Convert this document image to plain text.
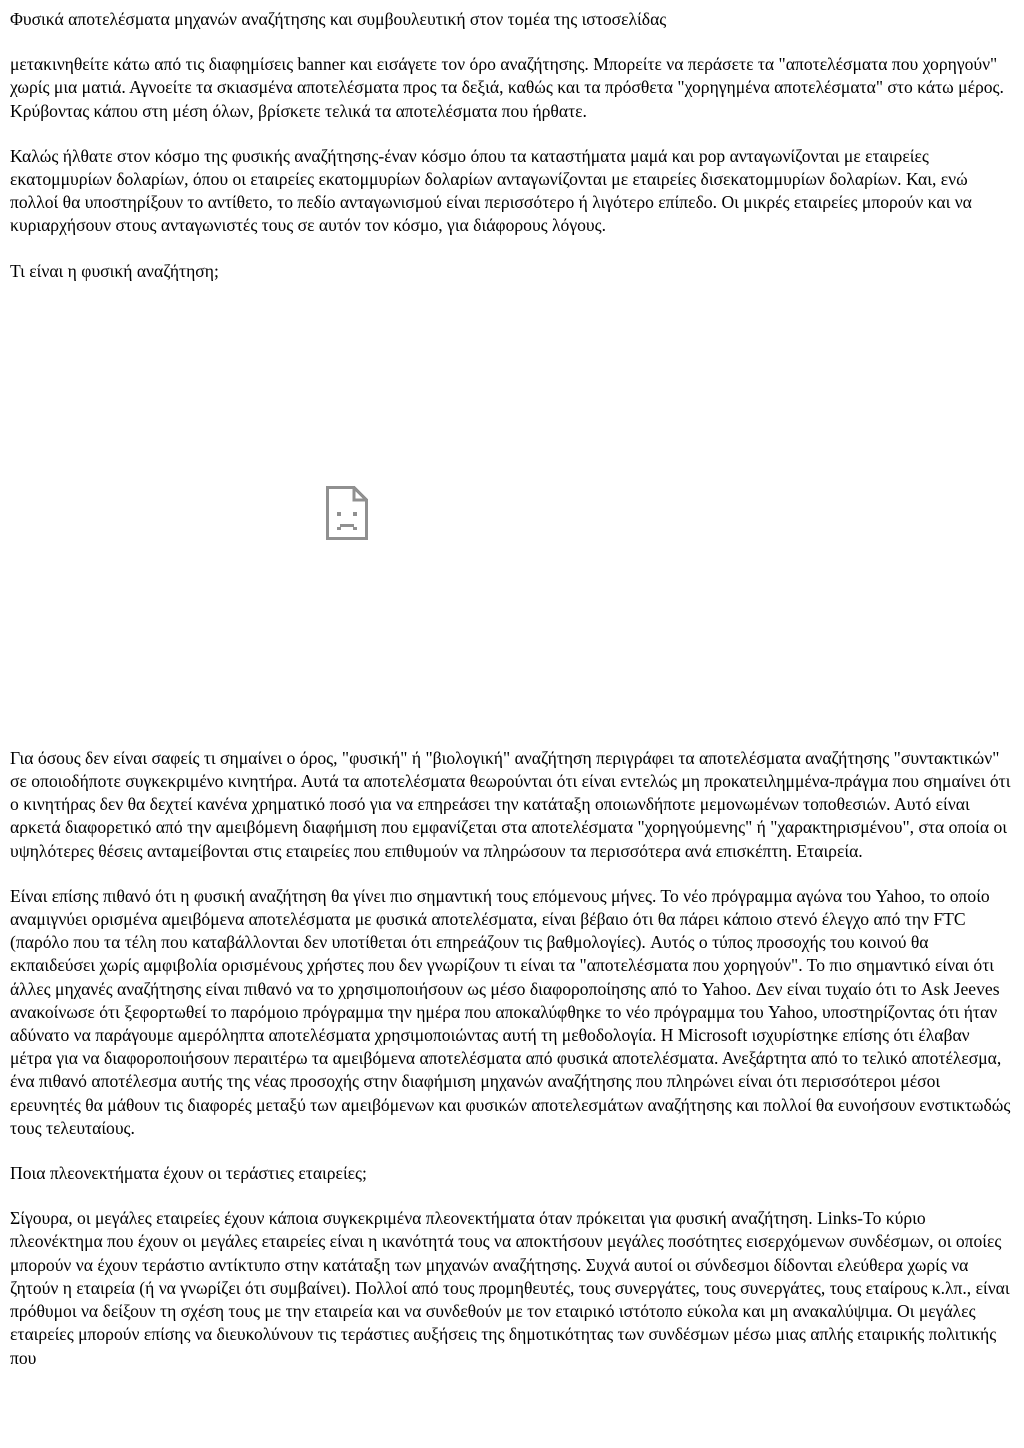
Φυσικά αποτελέσματα μηχανών αναζήτησης και συμβουλευτική στον τομέα της ιστοσελίδας

μετακινηθείτε κάτω από τις διαφημίσεις banner και εισάγετε τον όρο αναζήτησης. Μπορείτε να περάσετε τα "αποτελέσματα που χορηγούν" χωρίς μια ματιά. Αγνοείτε τα σκιασμένα αποτελέσματα προς τα δεξιά, καθώς και τα πρόσθετα "χορηγημένα αποτελέσματα" στο κάτω μέρος. Κρύβοντας κάπου στη μέση όλων, βρίσκετε τελικά τα αποτελέσματα που ήρθατε.

Καλώς ήλθατε στον κόσμο της φυσικής αναζήτησης-έναν κόσμο όπου τα καταστήματα μαμά και pop ανταγωνίζονται με εταιρείες εκατομμυρίων δολαρίων, όπου οι εταιρείες εκατομμυρίων δολαρίων ανταγωνίζονται με εταιρείες δισεκατομμυρίων δολαρίων. Και, ενώ πολλοί θα υποστηρίξουν το αντίθετο, το πεδίο ανταγωνισμού είναι περισσότερο ή λιγότερο επίπεδο. Οι μικρές εταιρείες μπορούν και να κυριαρχήσουν στους ανταγωνιστές τους σε αυτόν τον κόσμο, για διάφορους λόγους.

Τι είναι η φυσική αναζήτηση;

Για όσους δεν είναι σαφείς τι σημαίνει ο όρος, "φυσική" ή "βιολογική" αναζήτηση περιγράφει τα αποτελέσματα αναζήτησης "συντακτικών" σε οποιοδήποτε συγκεκριμένο κινητήρα. Αυτά τα αποτελέσματα θεωρούνται ότι είναι εντελώς μη προκατειλημμένα-πράγμα που σημαίνει ότι ο κινητήρας δεν θα δεχτεί κανένα χρηματικό ποσό για να επηρεάσει την κατάταξη οποιωνδήποτε μεμονωμένων τοποθεσιών. Αυτό είναι αρκετά διαφορετικό από την αμειβόμενη διαφήμιση που εμφανίζεται στα αποτελέσματα "χορηγούμενης" ή "χαρακτηρισμένου", στα οποία οι υψηλότερες θέσεις ανταμείβονται στις εταιρείες που επιθυμούν να πληρώσουν τα περισσότερα ανά επισκέπτη. Εταιρεία.

Είναι επίσης πιθανό ότι η φυσική αναζήτηση θα γίνει πιο σημαντική τους επόμενους μήνες. Το νέο πρόγραμμα αγώνα του Yahoo, το οποίο αναμιγνύει ορισμένα αμειβόμενα αποτελέσματα με φυσικά αποτελέσματα, είναι βέβαιο ότι θα πάρει κάποιο στενό έλεγχο από την FTC (παρόλο που τα τέλη που καταβάλλονται δεν υποτίθεται ότι επηρεάζουν τις βαθμολογίες). Αυτός ο τύπος προσοχής του κοινού θα εκπαιδεύσει χωρίς αμφιβολία ορισμένους χρήστες που δεν γνωρίζουν τι είναι τα "αποτελέσματα που χορηγούν". Το πιο σημαντικό είναι ότι άλλες μηχανές αναζήτησης είναι πιθανό να το χρησιμοποιήσουν ως μέσο διαφοροποίησης από το Yahoo. Δεν είναι τυχαίο ότι το Ask Jeeves ανακοίνωσε ότι ξεφορτωθεί το παρόμοιο πρόγραμμα την ημέρα που αποκαλύφθηκε το νέο πρόγραμμα του Yahoo, υποστηρίζοντας ότι ήταν αδύνατο να παράγουμε αμερόληπτα αποτελέσματα χρησιμοποιώντας αυτή τη μεθοδολογία. Η Microsoft ισχυρίστηκε επίσης ότι έλαβαν μέτρα για να διαφοροποιήσουν περαιτέρω τα αμειβόμενα αποτελέσματα από φυσικά αποτελέσματα. Ανεξάρτητα από το τελικό αποτέλεσμα, ένα πιθανό αποτέλεσμα αυτής της νέας προσοχής στην διαφήμιση μηχανών αναζήτησης που πληρώνει είναι ότι περισσότεροι μέσοι ερευνητές θα μάθουν τις διαφορές μεταξύ των αμειβόμενων και φυσικών αποτελεσμάτων αναζήτησης και πολλοί θα ευνοήσουν ενστικτωδώς τους τελευταίους.

Ποια πλεονεκτήματα έχουν οι τεράστιες εταιρείες;

Σίγουρα, οι μεγάλες εταιρείες έχουν κάποια συγκεκριμένα πλεονεκτήματα όταν πρόκειται για φυσική αναζήτηση. Links-Το κύριο πλεονέκτημα που έχουν οι μεγάλες εταιρείες είναι η ικανότητά τους να αποκτήσουν μεγάλες ποσότητες εισερχόμενων συνδέσμων, οι οποίες μπορούν να έχουν τεράστιο αντίκτυπο στην κατάταξη των μηχανών αναζήτησης. Συχνά αυτοί οι σύνδεσμοι δίδονται ελεύθερα χωρίς να ζητούν η εταιρεία (ή να γνωρίζει ότι συμβαίνει). Πολλοί από τους προμηθευτές, τους συνεργάτες, τους συνεργάτες, τους εταίρους κ.λπ., είναι πρόθυμοι να δείξουν τη σχέση τους με την εταιρεία και να συνδεθούν με τον εταιρικό ιστότοπο εύκολα και μη ανακαλύψιμα. Οι μεγάλες εταιρείες μπορούν επίσης να διευκολύνουν τις τεράστιες αυξήσεις της δημοτικότητας των συνδέσμων μέσω μιας απλής εταιρικής πολιτικής που
